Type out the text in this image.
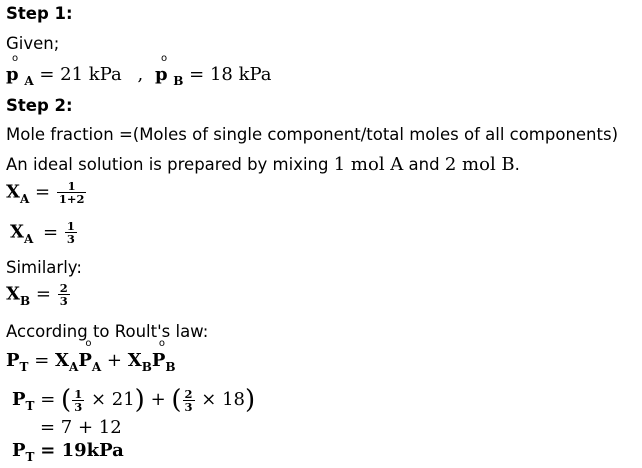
Step 1:
Given;
p
o
$_A$ = 21 kPa , p
o
$_B$ = 18 kPa
Step 2:
Mole fraction =(Moles of single component/total moles of all components)
An ideal solution is prepared by mixing 1 mol A and 2 mol B.
$X_A = \frac{1}{1+2}$
$X_A = \frac{1}{3}$
Similarly:
$X_B = \frac{2}{3}$
According to Roult's law:
$P_T = X_AP$
o
$_A + X_BP$
o
$_B$
$P_T$ = ( $\frac{1}{3} \times 21$) + ( $\frac{2}{3} \times 18$)
= 7 + 12
$P_T = 19kPa$
